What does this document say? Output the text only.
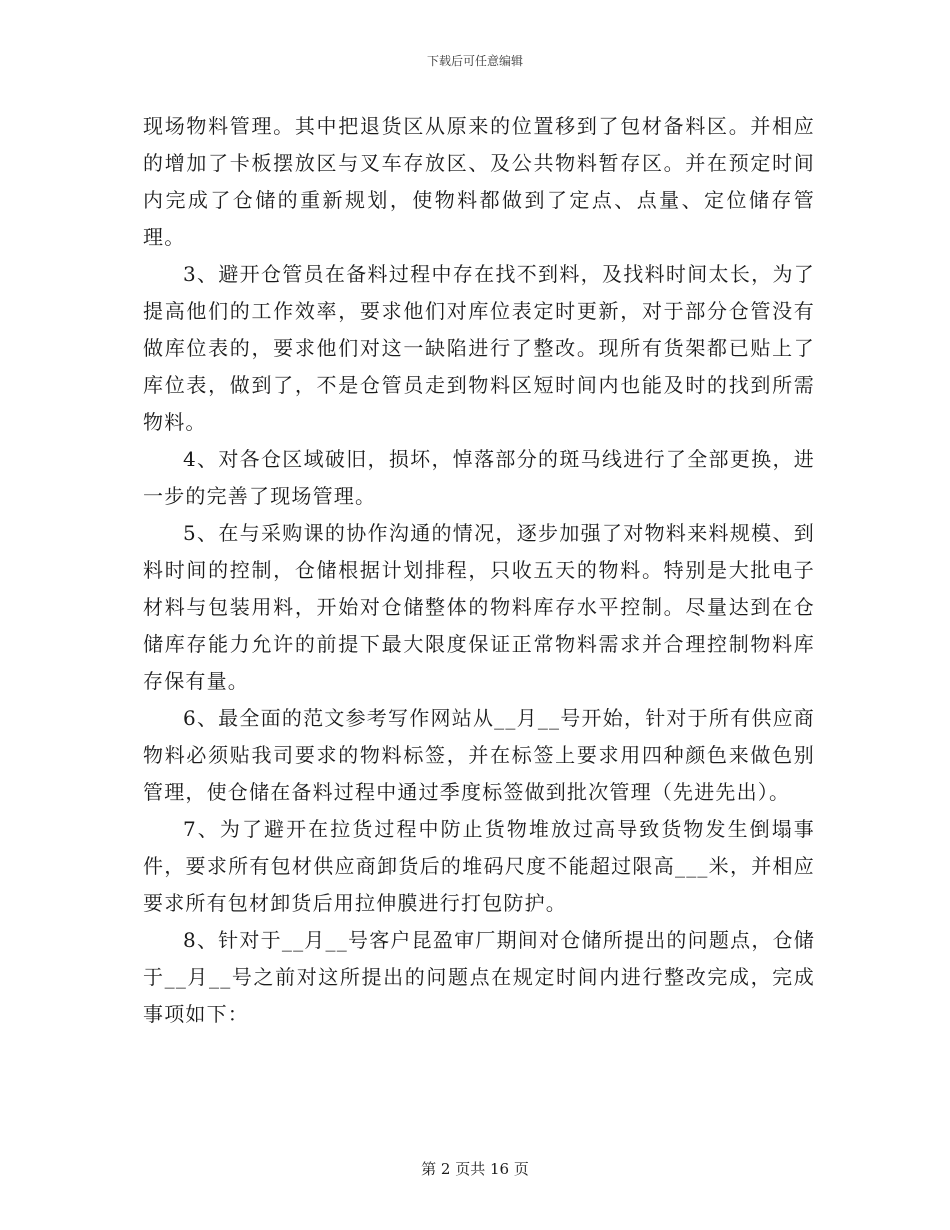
下载后可任意编辑

现场物料管理。其中把退货区从原来的位置移到了包材备料区。并相应的增加了卡板摆放区与叉车存放区、及公共物料暂存区。并在预定时间内完成了仓储的重新规划，使物料都做到了定点、点量、定位储存管理。

3、避开仓管员在备料过程中存在找不到料，及找料时间太长，为了提高他们的工作效率，要求他们对库位表定时更新，对于部分仓管没有做库位表的，要求他们对这一缺陷进行了整改。现所有货架都已贴上了库位表，做到了，不是仓管员走到物料区短时间内也能及时的找到所需物料。

4、对各仓区域破旧，损坏，悼落部分的斑马线进行了全部更换，进一步的完善了现场管理。

5、在与采购课的协作沟通的情况，逐步加强了对物料来料规模、到料时间的控制，仓储根据计划排程，只收五天的物料。特别是大批电子材料与包装用料，开始对仓储整体的物料库存水平控制。尽量达到在仓储库存能力允许的前提下最大限度保证正常物料需求并合理控制物料库存保有量。

6、最全面的范文参考写作网站从__月__号开始，针对于所有供应商物料必须贴我司要求的物料标签，并在标签上要求用四种颜色来做色别管理，使仓储在备料过程中通过季度标签做到批次管理（先进先出）。

7、为了避开在拉货过程中防止货物堆放过高导致货物发生倒塌事件，要求所有包材供应商卸货后的堆码尺度不能超过限高___米，并相应要求所有包材卸货后用拉伸膜进行打包防护。

8、针对于__月__号客户昆盈审厂期间对仓储所提出的问题点，仓储于__月__号之前对这所提出的问题点在规定时间内进行整改完成，完成事项如下：

第 2 页共 16 页
